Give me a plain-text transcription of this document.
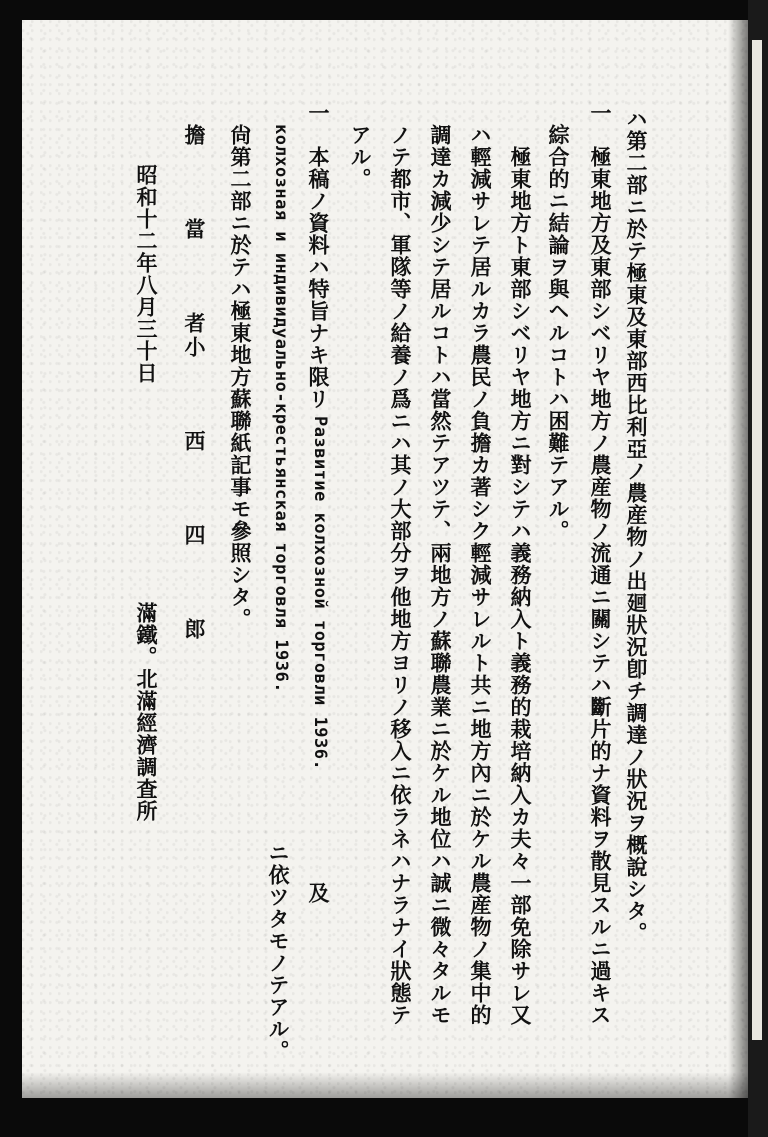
ハ第二部ニ於テ極東及東部西比利亞ノ農産物ノ出廻狀況卽チ調達ノ狀況ヲ概說シタ。
一　極東地方及東部シベリヤ地方ノ農産物ノ流通ニ關シテハ斷片的ナ資料ヲ散見スルニ過キス
綜合的ニ結論ヲ與ヘルコトハ困難テアル。
　極東地方ト東部シベリヤ地方ニ對シテハ義務納入ト義務的栽培納入カ夫々一部免除サレ又
ハ輕減サレテ居ルカラ農民ノ負擔カ著シク輕減サレルト共ニ地方內ニ於ケル農産物ノ集中的
調達カ減少シテ居ルコトハ當然テアツテ、兩地方ノ蘇聯農業ニ於ケル地位ハ誠ニ微々タルモ
ノテ都市、軍隊等ノ給養ノ爲ニハ其ノ大部分ヲ他地方ヨリノ移入ニ依ラネハナラナイ狀態テ
アル。
一　本稿ノ資料ハ特旨ナキ限リ
Развитие колхозной торговли 1936.
及
колхозная и индивидуально-крестьянская торговля 1936.
ニ依ツタモノテアル。
尙第二部ニ於テハ極東地方蘇聯紙記事モ參照シタ。
擔　當　者
小　西　四　郎
昭和十二年八月三十日
滿鐵。北滿經濟調査所
